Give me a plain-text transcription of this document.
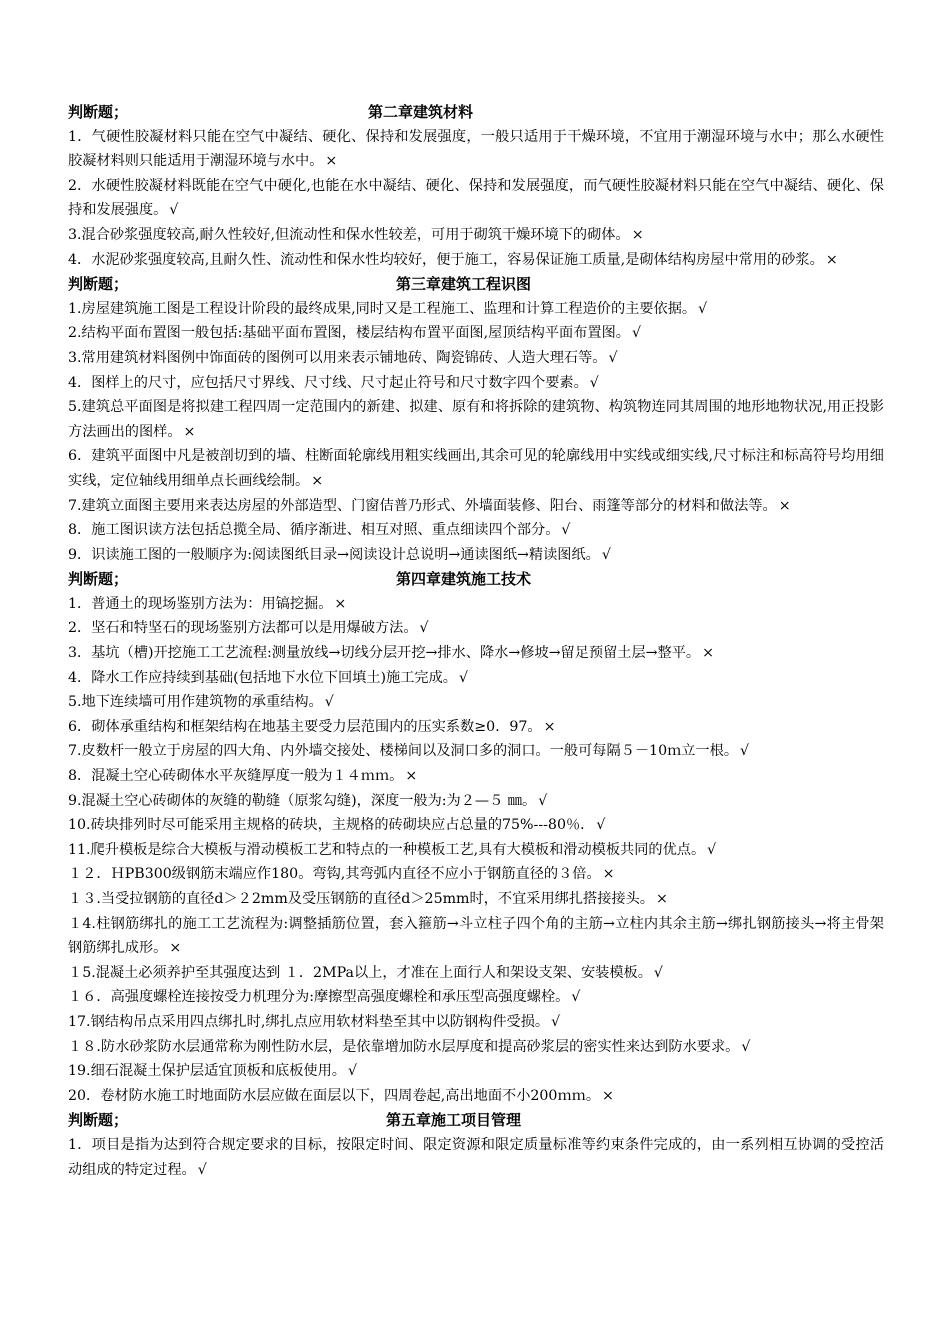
判断题；	第二章建筑材料

1．气硬性胶凝材料只能在空气中凝结、硬化、保持和发展强度，一般只适用于干燥环境，不宜用于潮湿环境与水中；那么水硬性胶凝材料则只能适用于潮湿环境与水中。 ×

2．水硬性胶凝材料既能在空气中硬化,也能在水中凝结、硬化、保持和发展强度，而气硬性胶凝材料只能在空气中凝结、硬化、保持和发展强度。 √

3.混合砂浆强度较高,耐久性较好,但流动性和保水性较差，可用于砌筑干燥环境下的砌体。 ×

4．水泥砂浆强度较高,且耐久性、流动性和保水性均较好，便于施工，容易保证施工质量,是砌体结构房屋中常用的砂浆。 ×

判断题；	第三章建筑工程识图

1.房屋建筑施工图是工程设计阶段的最终成果,同时又是工程施工、监理和计算工程造价的主要依据。 √

2.结构平面布置图一般包括:基础平面布置图，楼层结构布置平面图,屋顶结构平面布置图。 √

3.常用建筑材料图例中饰面砖的图例可以用来表示铺地砖、陶瓷锦砖、人造大理石等。 √

4．图样上的尺寸，应包括尺寸界线、尺寸线、尺寸起止符号和尺寸数字四个要素。 √

5.建筑总平面图是将拟建工程四周一定范围内的新建、拟建、原有和将拆除的建筑物、构筑物连同其周围的地形地物状况,用正投影方法画出的图样。 ×

6．建筑平面图中凡是被剖切到的墙、柱断面轮廓线用粗实线画出,其余可见的轮廓线用中实线或细实线,尺寸标注和标高符号均用细实线，定位轴线用细单点长画线绘制。 ×

7.建筑立面图主要用来表达房屋的外部造型、门窗佶普乃形式、外墙面装修、阳台、雨篷等部分的材料和做法等。 ×

8．施工图识读方法包括总揽全局、循序渐进、相互对照、重点细读四个部分。 √

9．识读施工图的一般顺序为:阅读图纸目录→阅读设计总说明→通读图纸→精读图纸。 √

判断题；	第四章建筑施工技术

1．普通土的现场鉴别方法为：用镐挖掘。 ×

2．坚石和特坚石的现场鉴别方法都可以是用爆破方法。 √

3．基坑（槽)开挖施工工艺流程:测量放线→切线分层开挖→排水、降水→修坡→留足预留土层→整平。 ×

4．降水工作应持续到基础(包括地下水位下回填土)施工完成。 √

5.地下连续墙可用作建筑物的承重结构。 √

6．砌体承重结构和框架结构在地基主要受力层范围内的压实系数≥0．97。 ×

7.皮数杆一般立于房屋的四大角、内外墙交接处、楼梯间以及洞口多的洞口。一般可每隔５－10ｍ立一根。 √

8．混凝土空心砖砌体水平灰缝厚度一般为１４ｍｍ。 ×

9.混凝土空心砖砌体的灰缝的勒缝（原浆勾缝)，深度一般为:为２—５ ㎜。 √

10.砖块排列时尽可能采用主规格的砖块，主规格的砖砌块应占总量的75%---80％． √

11.爬升模板是综合大模板与滑动模板工艺和特点的一种模板工艺,具有大模板和滑动模板共同的优点。 √

１２．ＨPB300级钢筋末端应作180。弯钩,其弯弧内直径不应小于钢筋直径的３倍。 ×

１３.当受拉钢筋的直径d＞２2mm及受压钢筋的直径d＞25mm时，不宜采用绑扎搭接接头。 ×

１4.柱钢筋绑扎的施工工艺流程为:调整插筋位置，套入箍筋→斗立柱子四个角的主筋→立柱内其余主筋→绑扎钢筋接头→将主骨架钢筋绑扎成形。 ×

１5.混凝土必须养护至其强度达到 １．2MPa以上，才准在上面行人和架设支架、安装模板。 √

１６．高强度螺栓连接按受力机理分为:摩擦型高强度螺栓和承压型高强度螺栓。 √

17.钢结构吊点采用四点绑扎时,绑扎点应用软材料垫至其中以防钢构件受损。 √

１８.防水砂浆防水层通常称为刚性防水层，是依靠增加防水层厚度和提高砂浆层的密实性来达到防水要求。 √

19.细石混凝土保护层适宜顶板和底板使用。 √

20．卷材防水施工时地面防水层应做在面层以下，四周卷起,高出地面不小200ｍｍ。 ×

判断题；	第五章施工项目管理

1．项目是指为达到符合规定要求的目标，按限定时间、限定资源和限定质量标准等约束条件完成的，由一系列相互协调的受控活动组成的特定过程。 √
